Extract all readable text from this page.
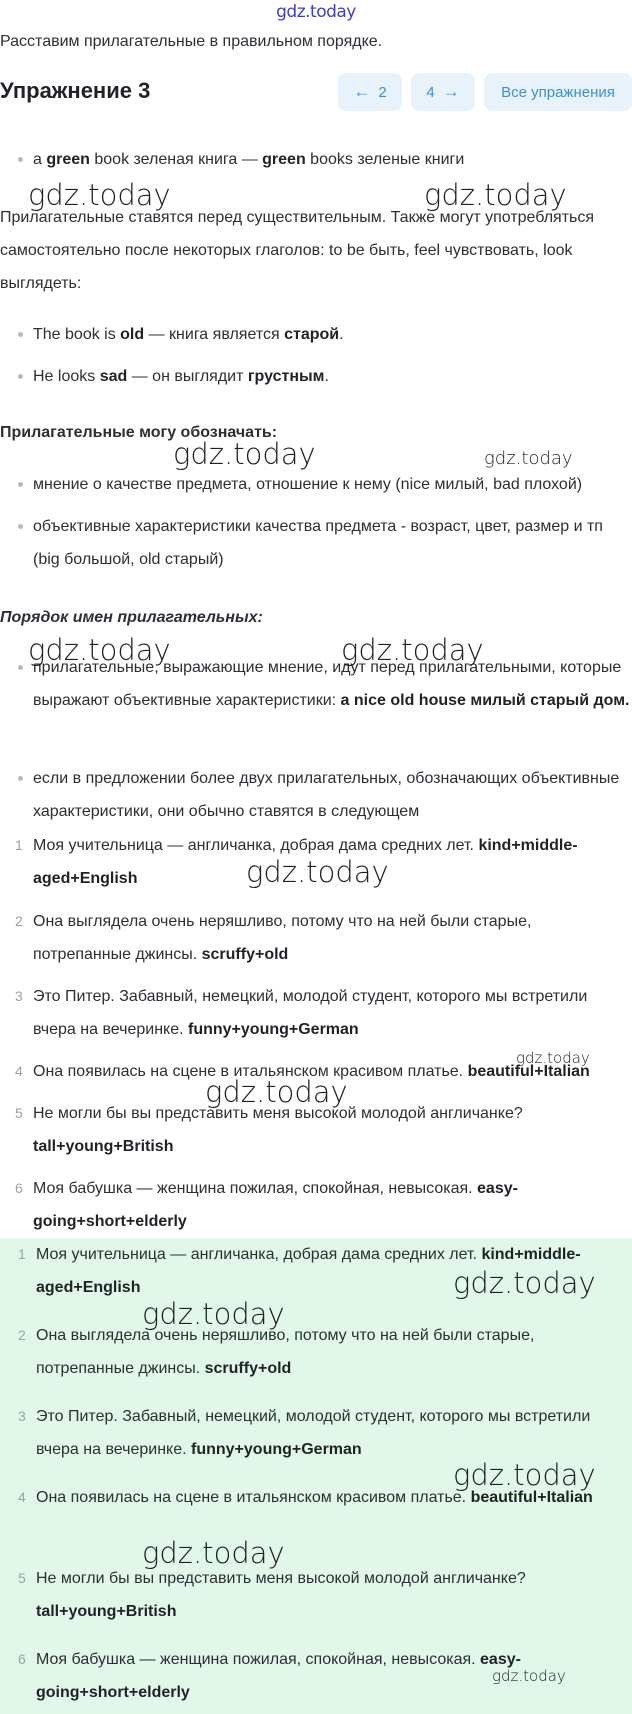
gdz.today
Расставим прилагательные в правильном порядке.
Упражнение 3	← 2	4 →	Все упражнения
a green book зеленая книга — green books зеленые книги
Прилагательные ставятся перед существительным. Также могут употребляться самостоятельно после некоторых глаголов: to be быть, feel чувствовать, look выглядеть:
The book is old — книга является старой.
He looks sad — он выглядит грустным.
Прилагательные могу обозначать:
мнение о качестве предмета, отношение к нему (nice милый, bad плохой)
объективные характеристики качества предмета - возраст, цвет, размер и тп (big большой, old старый)
Порядок имен прилагательных:
прилагательные, выражающие мнение, идут перед прилагательными, которые выражают объективные характеристики: a nice old house милый старый дом.
если в предложении более двух прилагательных, обозначающих объективные характеристики, они обычно ставятся в следующем
1 Моя учительница — англичанка, добрая дама средних лет. kind+middle-aged+English
2 Она выглядела очень неряшливо, потому что на ней были старые, потрепанные джинсы. scruffy+old
3 Это Питер. Забавный, немецкий, молодой студент, которого мы встретили вчера на вечеринке. funny+young+German
4 Она появилась на сцене в итальянском красивом платье. beautiful+Italian
5 Не могли бы вы представить меня высокой молодой англичанке? tall+young+British
6 Моя бабушка — женщина пожилая, спокойная, невысокая. easy-going+short+elderly
1 Моя учительница — англичанка, добрая дама средних лет. kind+middle-aged+English
2 Она выглядела очень неряшливо, потому что на ней были старые, потрепанные джинсы. scruffy+old
3 Это Питер. Забавный, немецкий, молодой студент, которого мы встретили вчера на вечеринке. funny+young+German
4 Она появилась на сцене в итальянском красивом платье. beautiful+Italian
5 Не могли бы вы представить меня высокой молодой англичанке? tall+young+British
6 Моя бабушка — женщина пожилая, спокойная, невысокая. easy-going+short+elderly
gdz.today	gdz.today
gdz.today	gdz.today
gdz.today	gdz.today
gdz.today
gdz.today
gdz.today
gdz.today
gdz.today
gdz.today
gdz.today
gdz.today
